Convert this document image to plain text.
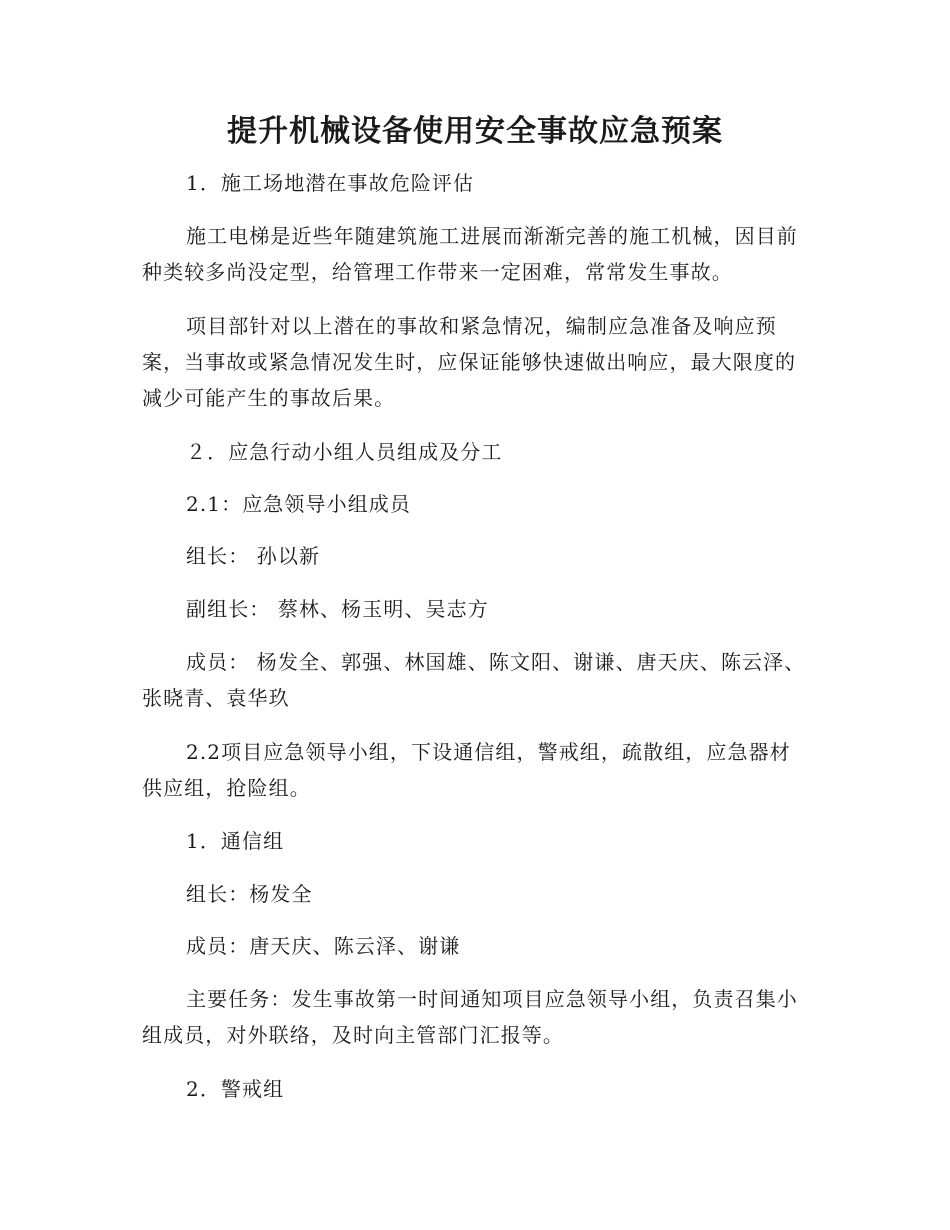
提升机械设备使用安全事故应急预案

1．施工场地潜在事故危险评估

施工电梯是近些年随建筑施工进展而渐渐完善的施工机械，因目前种类较多尚没定型，给管理工作带来一定困难，常常发生事故。

项目部针对以上潜在的事故和紧急情况，编制应急准备及响应预案，当事故或紧急情况发生时，应保证能够快速做出响应，最大限度的减少可能产生的事故后果。

２．应急行动小组人员组成及分工

2.1：应急领导小组成员

组长： 孙以新

副组长： 蔡林、杨玉明、吴志方

成员： 杨发全、郭强、林国雄、陈文阳、谢谦、唐天庆、陈云泽、张晓青、袁华玖

2.2项目应急领导小组，下设通信组，警戒组，疏散组，应急器材供应组，抢险组。

1．通信组

组长：杨发全

成员：唐天庆、陈云泽、谢谦

主要任务：发生事故第一时间通知项目应急领导小组，负责召集小组成员，对外联络，及时向主管部门汇报等。

2．警戒组
